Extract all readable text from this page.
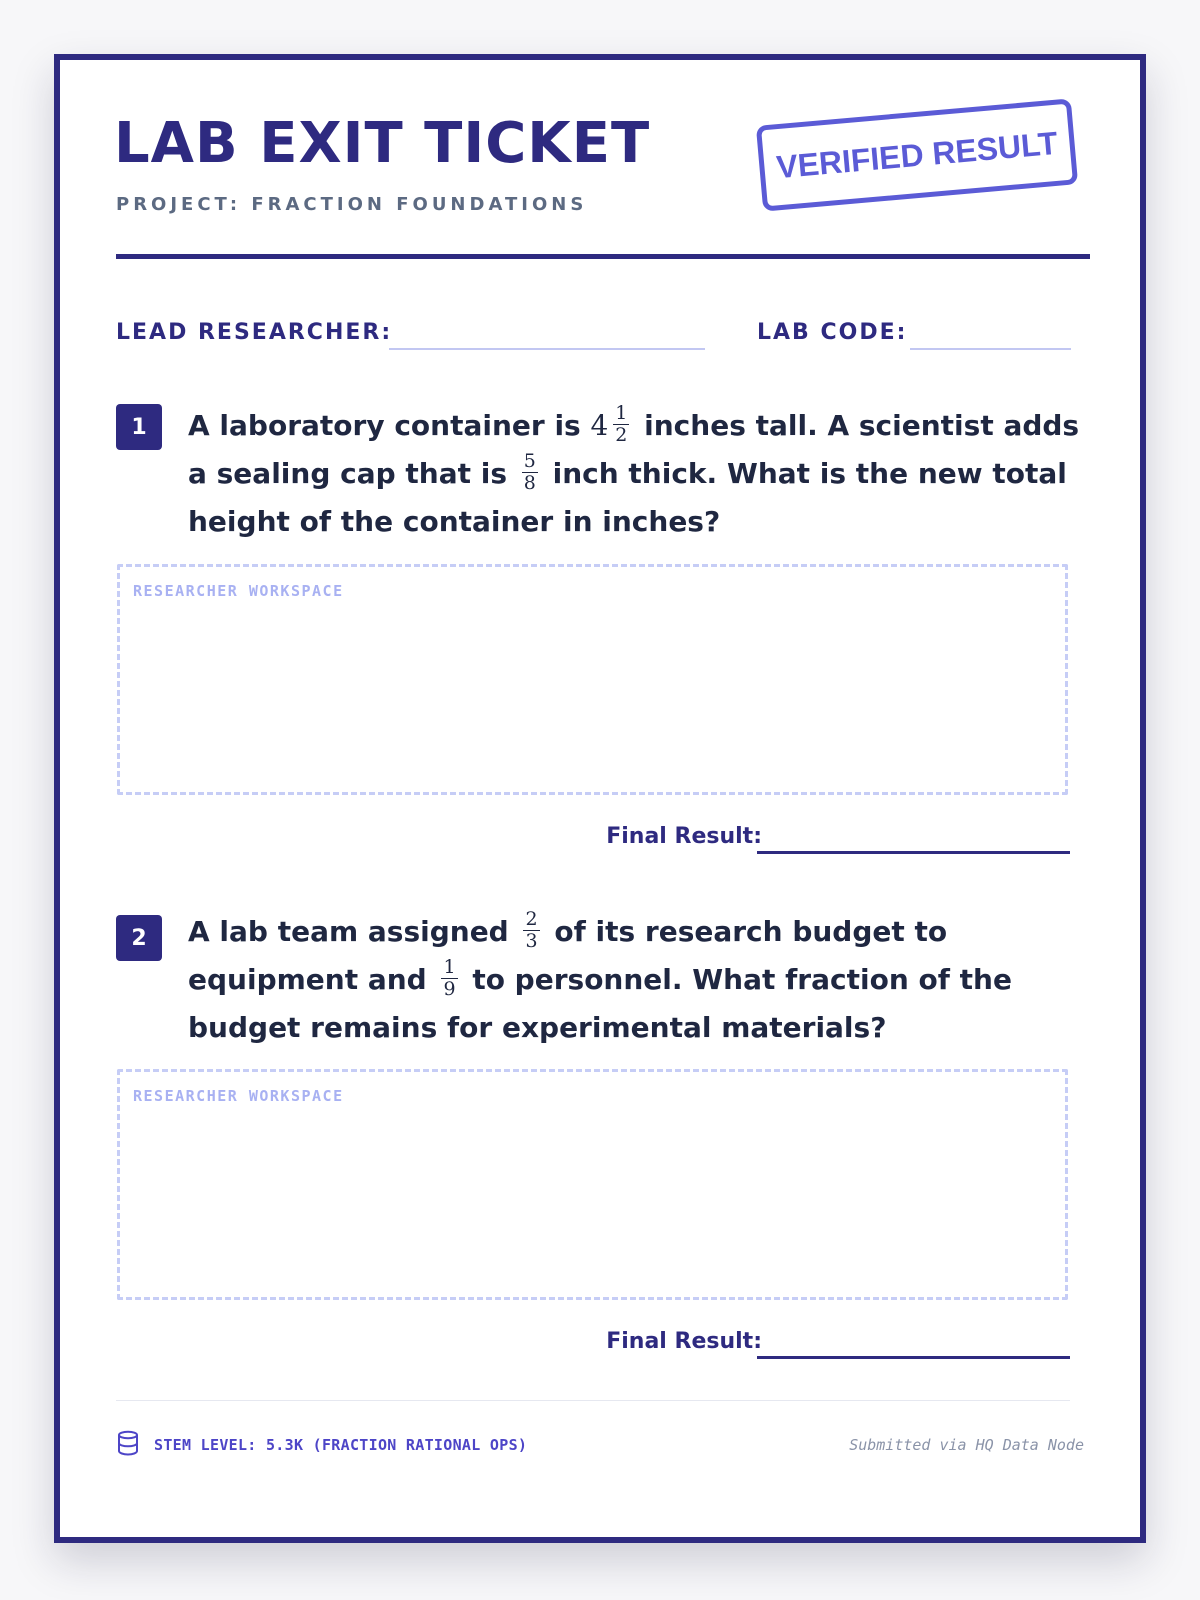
LAB EXIT TICKET
PROJECT: FRACTION FOUNDATIONS
VERIFIED RESULT
LEAD RESEARCHER:	LAB CODE:
1	A laboratory container is $4 \frac{1}{2}$ inches tall. A scientist adds a sealing cap that is $\frac{5}{8}$ inch thick. What is the new total height of the container in inches?

RESEARCHER WORKSPACE
Final Result:
2	A lab team assigned $\frac{2}{3}$ of its research budget to equipment and $\frac{1}{9}$ to personnel. What fraction of the budget remains for experimental materials?

RESEARCHER WORKSPACE
Final Result:
STEM LEVEL: 5.3K (FRACTION RATIONAL OPS)	Submitted via HQ Data Node
